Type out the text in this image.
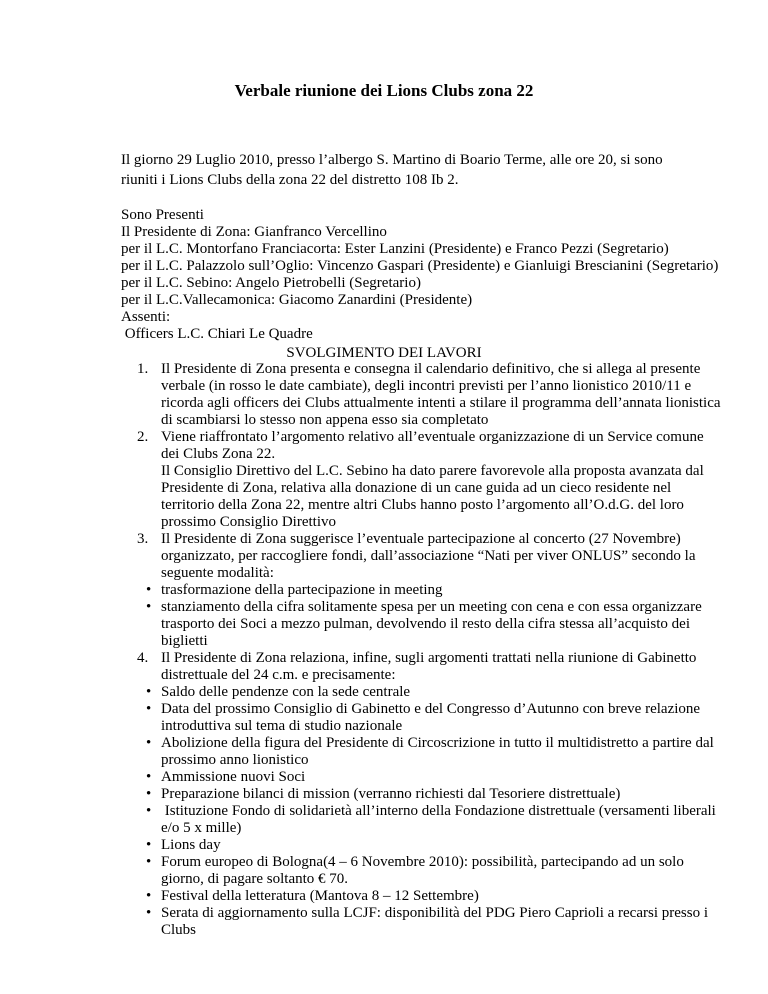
Verbale riunione dei Lions Clubs zona 22
Il giorno 29 Luglio 2010, presso l’albergo S. Martino di Boario Terme, alle ore 20, si sono riuniti i Lions Clubs della zona 22 del distretto 108 Ib 2.
Sono Presenti
Il Presidente di Zona: Gianfranco Vercellino
per il L.C. Montorfano Franciacorta: Ester Lanzini (Presidente) e Franco Pezzi (Segretario)
per il L.C. Palazzolo sull’Oglio: Vincenzo Gaspari (Presidente) e Gianluigi Brescianini (Segretario)
per il L.C. Sebino: Angelo Pietrobelli (Segretario)
per il L.C.Vallecamonica: Giacomo Zanardini (Presidente)
Assenti:
Officers L.C. Chiari Le Quadre
SVOLGIMENTO DEI LAVORI
1. Il Presidente di Zona presenta e consegna il calendario definitivo, che si allega al presente verbale (in rosso le date cambiate), degli incontri previsti per l’anno lionistico 2010/11 e ricorda agli officers dei Clubs attualmente intenti a stilare il programma dell’annata lionistica di scambiarsi lo stesso non appena esso sia completato
2. Viene riaffrontato l’argomento relativo all’eventuale organizzazione di un Service comune dei Clubs Zona 22.
Il Consiglio Direttivo del L.C. Sebino ha dato parere favorevole alla proposta avanzata dal Presidente di Zona, relativa alla donazione di un cane guida ad un cieco residente nel territorio della Zona 22, mentre altri Clubs hanno posto l’argomento all’O.d.G. del loro prossimo Consiglio Direttivo
3. Il Presidente di Zona suggerisce l’eventuale partecipazione al concerto (27 Novembre) organizzato, per raccogliere fondi, dall’associazione “Nati per viver ONLUS” secondo la seguente modalità:
• trasformazione della partecipazione in meeting
• stanziamento della cifra solitamente spesa per un meeting con cena e con essa organizzare trasporto dei Soci a mezzo pulman, devolvendo il resto della cifra stessa all’acquisto dei biglietti
4. Il Presidente di Zona relaziona, infine, sugli argomenti trattati nella riunione di Gabinetto distrettuale del 24 c.m. e precisamente:
• Saldo delle pendenze con la sede centrale
• Data del prossimo Consiglio di Gabinetto e del Congresso d’Autunno con breve relazione introduttiva sul tema di studio nazionale
• Abolizione della figura del Presidente di Circoscrizione in tutto il multidistretto a partire dal prossimo anno lionistico
• Ammissione nuovi Soci
• Preparazione bilanci di mission (verranno richiesti dal Tesoriere distrettuale)
• Istituzione Fondo di solidarietà all’interno della Fondazione distrettuale (versamenti liberali e/o 5 x mille)
• Lions day
• Forum europeo di Bologna(4 – 6 Novembre 2010): possibilità, partecipando ad un solo giorno, di pagare soltanto € 70.
• Festival della letteratura (Mantova 8 – 12 Settembre)
• Serata di aggiornamento sulla LCJF: disponibilità del PDG Piero Caprioli a recarsi presso i Clubs
